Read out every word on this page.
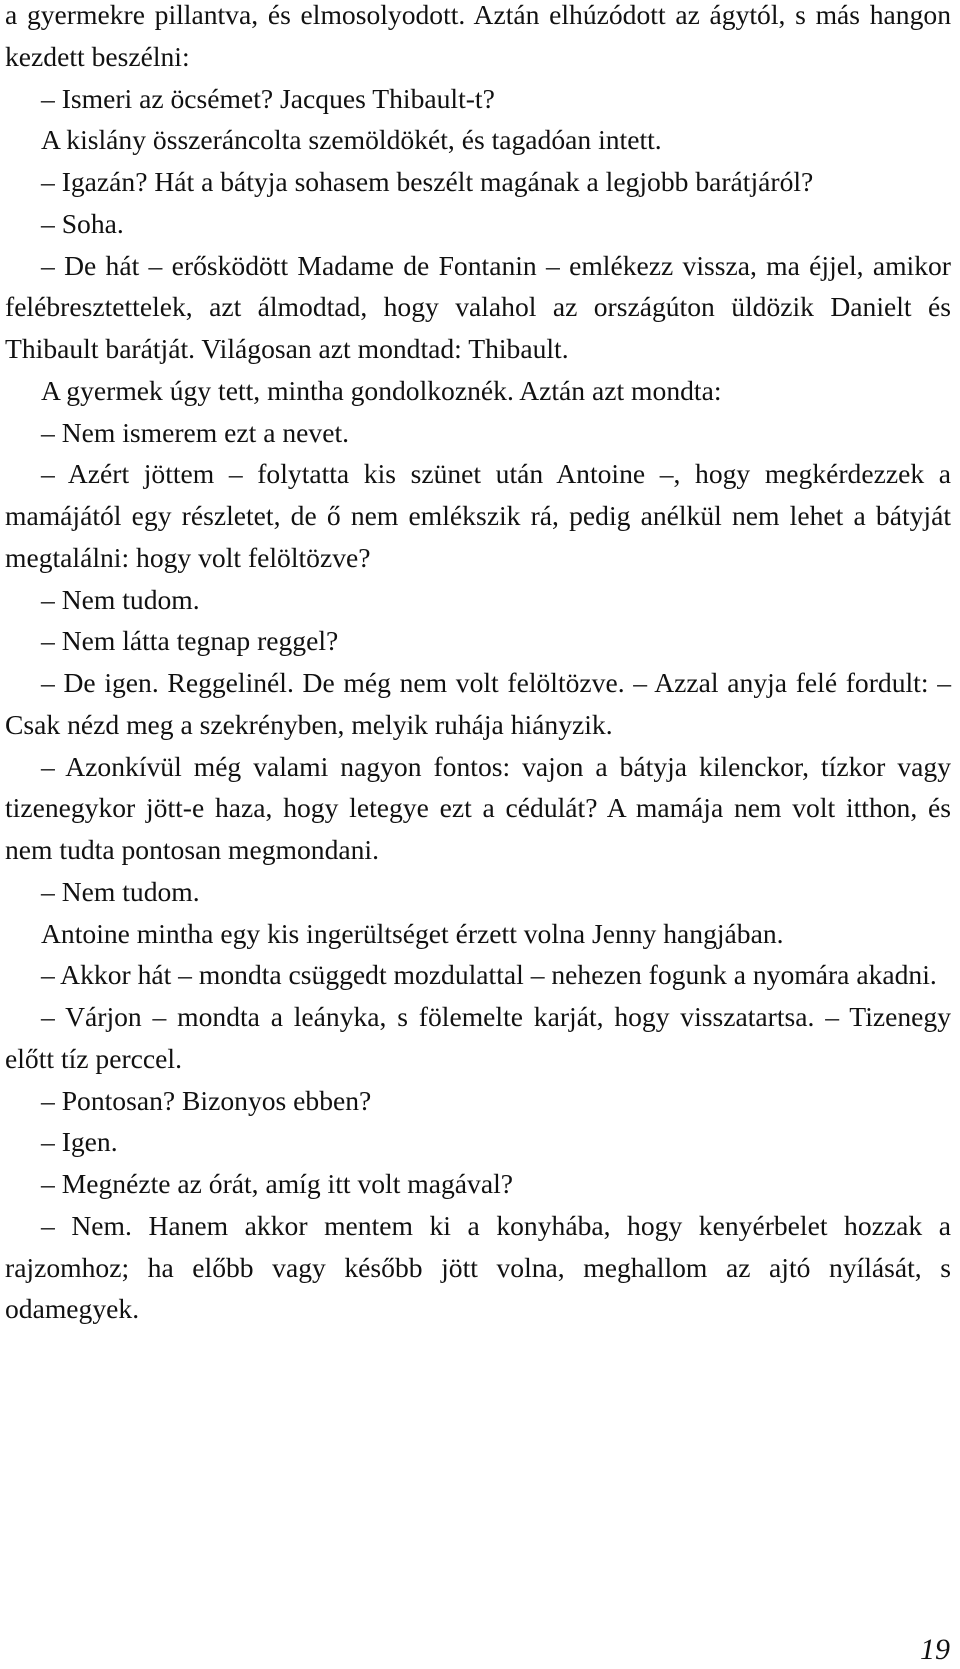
a gyermekre pillantva, és elmosolyodott. Aztán elhúzódott az ágytól, s más hangon kezdett beszélni:

– Ismeri az öcsémet? Jacques Thibault-t?

A kislány összeráncolta szemöldökét, és tagadóan intett.

– Igazán? Hát a bátyja sohasem beszélt magának a legjobb barátjáról?

– Soha.

– De hát – erősködött Madame de Fontanin – emlékezz vissza, ma éjjel, amikor felébresztettelek, azt álmodtad, hogy valahol az országúton üldözik Danielt és Thibault barátját. Világosan azt mondtad: Thibault.

A gyermek úgy tett, mintha gondolkoznék. Aztán azt mondta:

– Nem ismerem ezt a nevet.

– Azért jöttem – folytatta kis szünet után Antoine –, hogy megkérdezzek a mamájától egy részletet, de ő nem emlékszik rá, pedig anélkül nem lehet a bátyját megtalálni: hogy volt felöltözve?

– Nem tudom.

– Nem látta tegnap reggel?

– De igen. Reggelinél. De még nem volt felöltözve. – Azzal anyja felé fordult: – Csak nézd meg a szekrényben, melyik ruhája hiányzik.

– Azonkívül még valami nagyon fontos: vajon a bátyja kilenckor, tízkor vagy tizenegykor jött-e haza, hogy letegye ezt a cédulát? A mamája nem volt itthon, és nem tudta pontosan megmondani.

– Nem tudom.

Antoine mintha egy kis ingerültséget érzett volna Jenny hangjában.

– Akkor hát – mondta csüggedt mozdulattal – nehezen fogunk a nyomára akadni.

– Várjon – mondta a leányka, s fölemelte karját, hogy visszatartsa. – Tizenegy előtt tíz perccel.

– Pontosan? Bizonyos ebben?

– Igen.

– Megnézte az órát, amíg itt volt magával?

– Nem. Hanem akkor mentem ki a konyhába, hogy kenyérbelet hozzak a rajzomhoz; ha előbb vagy később jött volna, meghallom az ajtó nyílását, s odamegyek.

19
